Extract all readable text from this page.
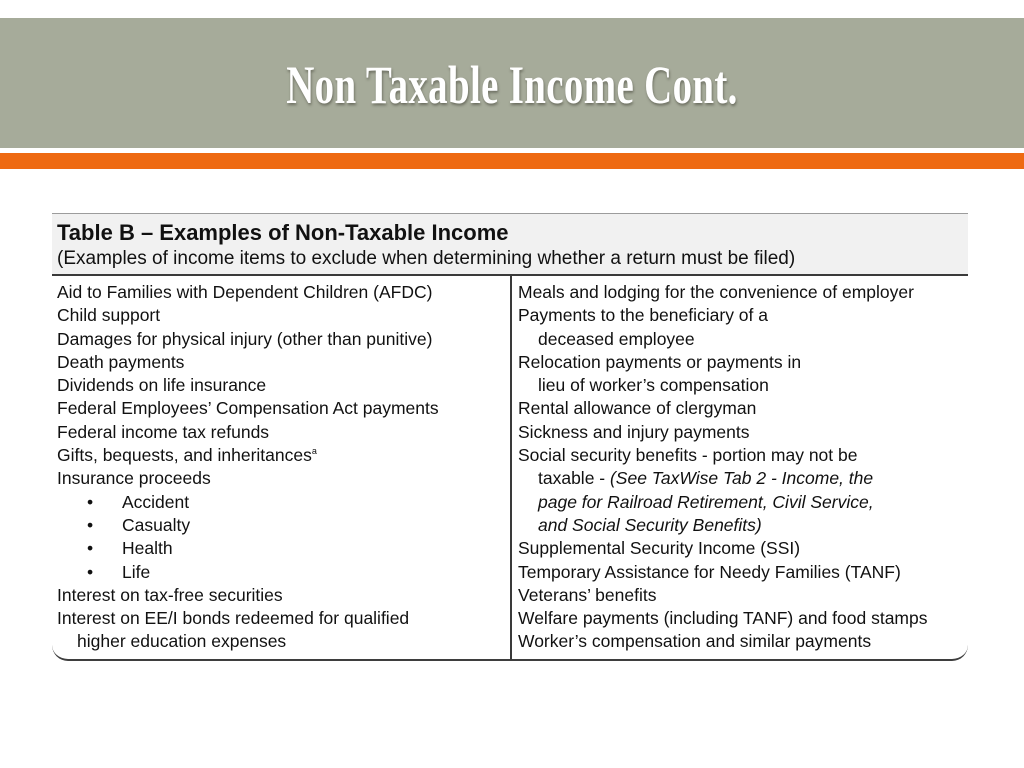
Non Taxable Income Cont.
Table B – Examples of Non-Taxable Income
(Examples of income items to exclude when determining whether a return must be filed)
Aid to Families with Dependent Children (AFDC)
Child support
Damages for physical injury (other than punitive)
Death payments
Dividends on life insurance
Federal Employees’ Compensation Act payments
Federal income tax refunds
Gifts, bequests, and inheritances$^a$
Insurance proceeds
• Accident
• Casualty
• Health
• Life
Interest on tax-free securities
Interest on EE/I bonds redeemed for qualified
higher education expenses
Meals and lodging for the convenience of employer
Payments to the beneficiary of a
deceased employee
Relocation payments or payments in
lieu of worker’s compensation
Rental allowance of clergyman
Sickness and injury payments
Social security benefits - portion may not be
taxable - (See TaxWise Tab 2 - Income, the
page for Railroad Retirement, Civil Service,
and Social Security Benefits)
Supplemental Security Income (SSI)
Temporary Assistance for Needy Families (TANF)
Veterans’ benefits
Welfare payments (including TANF) and food stamps
Worker’s compensation and similar payments
